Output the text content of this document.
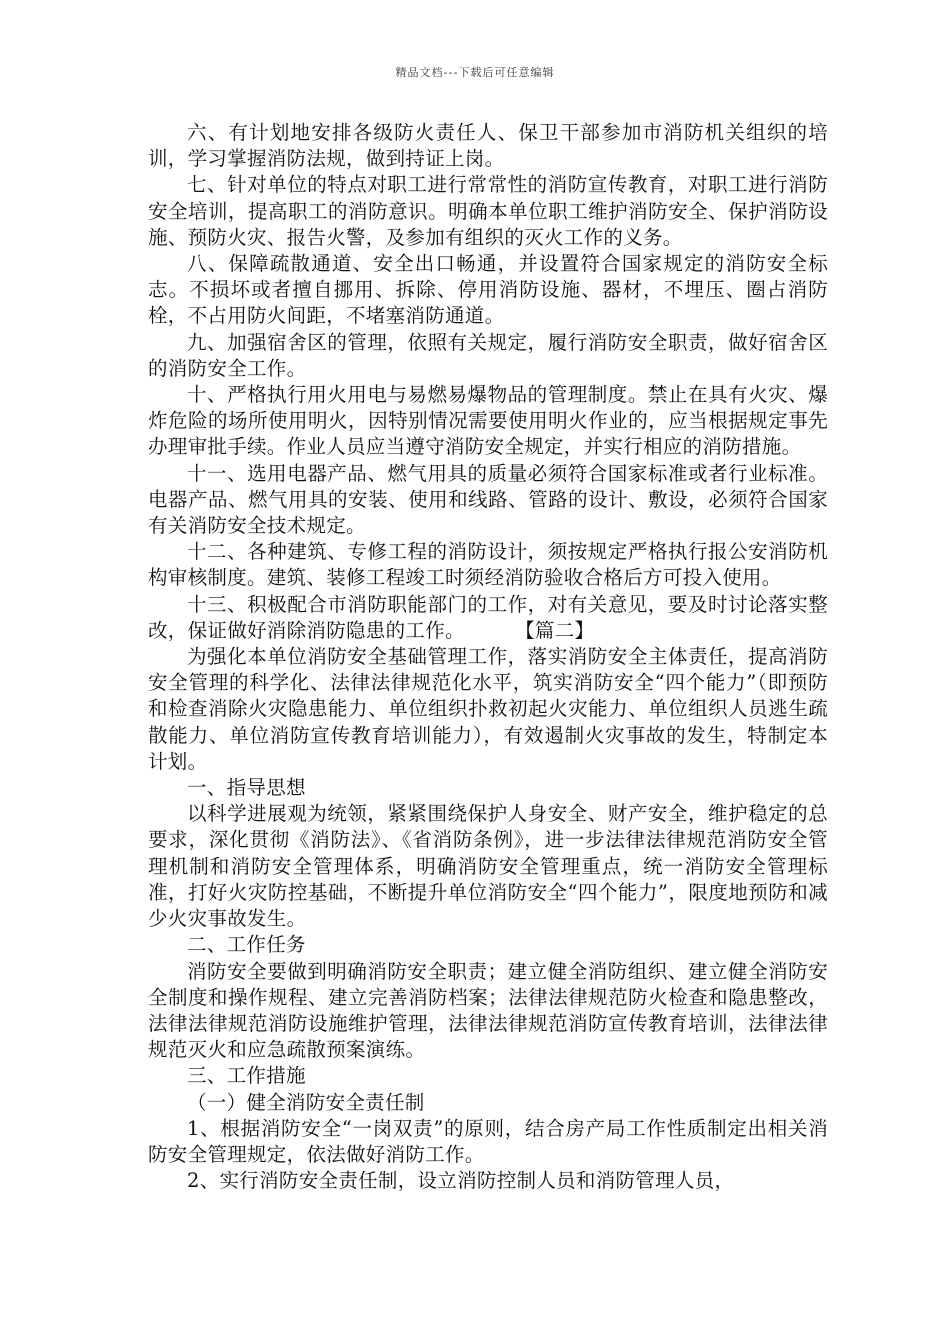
精品文档---下载后可任意编辑

六、有计划地安排各级防火责任人、保卫干部参加市消防机关组织的培训，学习掌握消防法规，做到持证上岗。

七、针对单位的特点对职工进行常常性的消防宣传教育，对职工进行消防安全培训，提高职工的消防意识。明确本单位职工维护消防安全、保护消防设施、预防火灾、报告火警，及参加有组织的灭火工作的义务。

八、保障疏散通道、安全出口畅通，并设置符合国家规定的消防安全标志。不损坏或者擅自挪用、拆除、停用消防设施、器材，不埋压、圈占消防栓，不占用防火间距，不堵塞消防通道。

九、加强宿舍区的管理，依照有关规定，履行消防安全职责，做好宿舍区的消防安全工作。

十、严格执行用火用电与易燃易爆物品的管理制度。禁止在具有火灾、爆炸危险的场所使用明火，因特别情况需要使用明火作业的，应当根据规定事先办理审批手续。作业人员应当遵守消防安全规定，并实行相应的消防措施。

十一、选用电器产品、燃气用具的质量必须符合国家标准或者行业标准。电器产品、燃气用具的安装、使用和线路、管路的设计、敷设，必须符合国家有关消防安全技术规定。

十二、各种建筑、专修工程的消防设计，须按规定严格执行报公安消防机构审核制度。建筑、装修工程竣工时须经消防验收合格后方可投入使用。

十三、积极配合市消防职能部门的工作，对有关意见，要及时讨论落实整改，保证做好消除消防隐患的工作。	【篇二】

为强化本单位消防安全基础管理工作，落实消防安全主体责任，提高消防安全管理的科学化、法律法律规范化水平，筑实消防安全“四个能力”（即预防和检查消除火灾隐患能力、单位组织扑救初起火灾能力、单位组织人员逃生疏散能力、单位消防宣传教育培训能力），有效遏制火灾事故的发生，特制定本计划。

一、指导思想

以科学进展观为统领，紧紧围绕保护人身安全、财产安全，维护稳定的总要求，深化贯彻《消防法》、《省消防条例》，进一步法律法律规范消防安全管理机制和消防安全管理体系，明确消防安全管理重点，统一消防安全管理标准，打好火灾防控基础，不断提升单位消防安全“四个能力”，限度地预防和减少火灾事故发生。

二、工作任务

消防安全要做到明确消防安全职责；建立健全消防组织、建立健全消防安全制度和操作规程、建立完善消防档案；法律法律规范防火检查和隐患整改，法律法律规范消防设施维护管理，法律法律规范消防宣传教育培训，法律法律规范灭火和应急疏散预案演练。

三、工作措施

（一）健全消防安全责任制

1、根据消防安全“一岗双责”的原则，结合房产局工作性质制定出相关消防安全管理规定，依法做好消防工作。

2、实行消防安全责任制，设立消防控制人员和消防管理人员，
